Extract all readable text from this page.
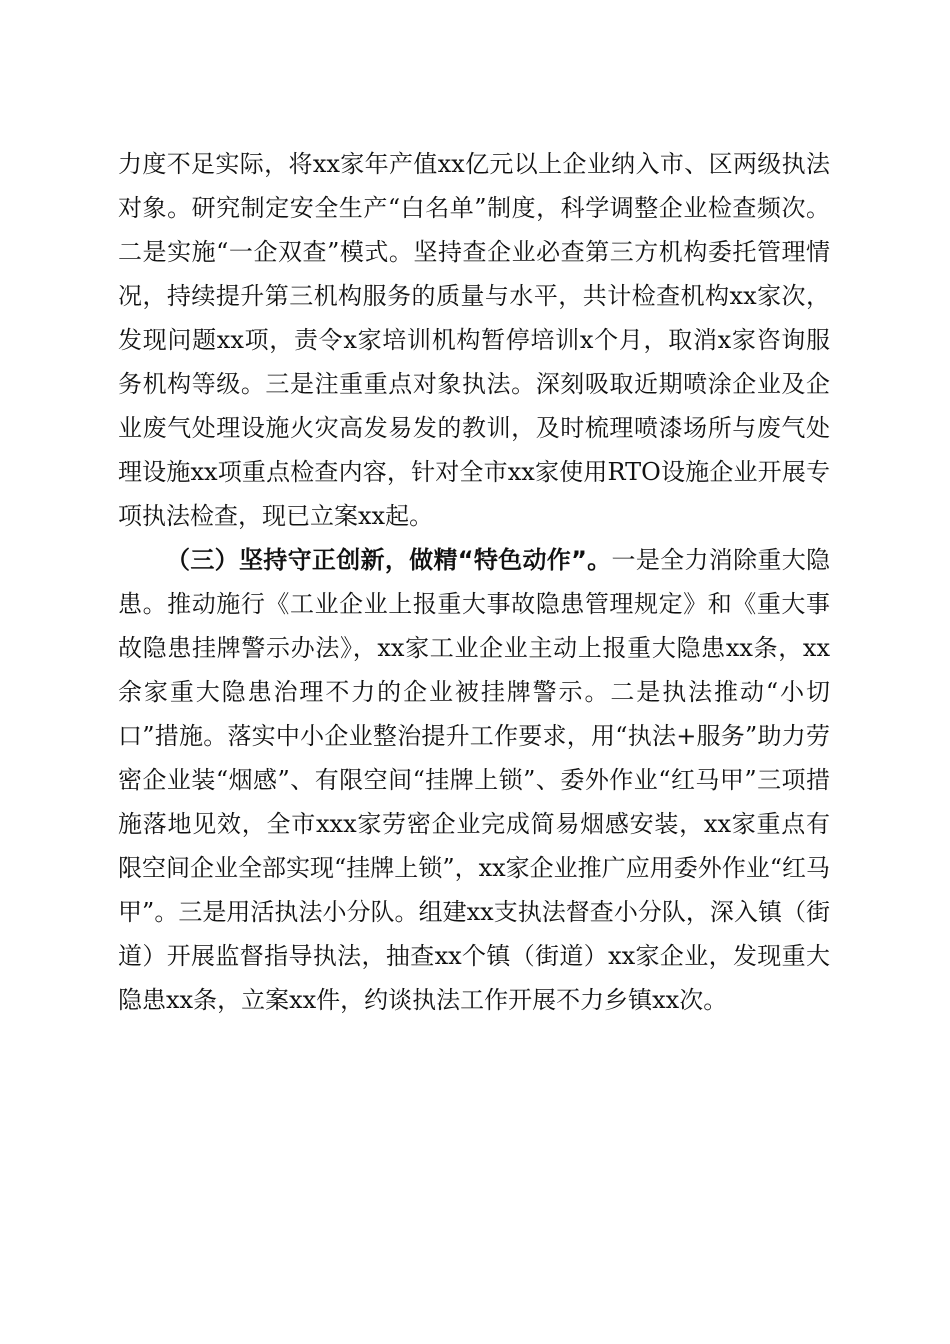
力度不足实际，将xx家年产值xx亿元以上企业纳入市、区两级执法对象。研究制定安全生产“白名单”制度，科学调整企业检查频次。二是实施“一企双查”模式。坚持查企业必查第三方机构委托管理情况，持续提升第三机构服务的质量与水平，共计检查机构xx家次，发现问题xx项，责令x家培训机构暂停培训x个月，取消x家咨询服务机构等级。三是注重重点对象执法。深刻吸取近期喷涂企业及企业废气处理设施火灾高发易发的教训，及时梳理喷漆场所与废气处理设施xx项重点检查内容，针对全市xx家使用RTO设施企业开展专项执法检查，现已立案xx起。

（三）坚持守正创新，做精“特色动作”。一是全力消除重大隐患。推动施行《工业企业上报重大事故隐患管理规定》和《重大事故隐患挂牌警示办法》，xx家工业企业主动上报重大隐患xx条，xx余家重大隐患治理不力的企业被挂牌警示。二是执法推动“小切口”措施。落实中小企业整治提升工作要求，用“执法+服务”助力劳密企业装“烟感”、有限空间“挂牌上锁”、委外作业“红马甲”三项措施落地见效，全市xxx家劳密企业完成简易烟感安装，xx家重点有限空间企业全部实现“挂牌上锁”，xx家企业推广应用委外作业“红马甲”。三是用活执法小分队。组建xx支执法督查小分队，深入镇（街道）开展监督指导执法，抽查xx个镇（街道）xx家企业，发现重大隐患xx条，立案xx件，约谈执法工作开展不力乡镇xx次。
